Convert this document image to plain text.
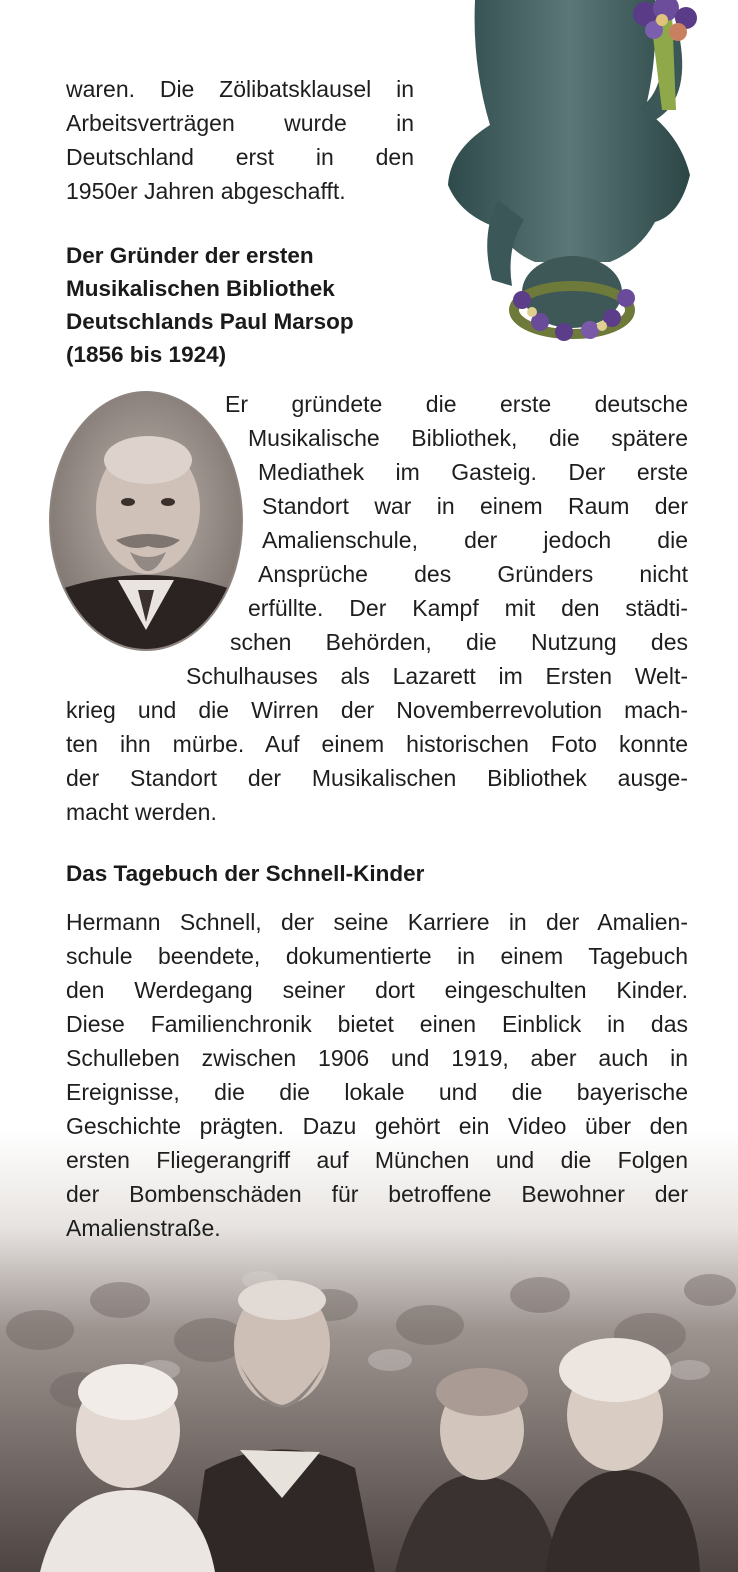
waren. Die Zölibatsklausel in
Arbeitsverträgen wurde in
Deutschland erst in den
1950er Jahren abgeschafft.
Der Gründer der ersten
Musikalischen Bibliothek
Deutschlands Paul Marsop
(1856 bis 1924)
Er gründete die erste deutsche
Musikalische Bibliothek, die spätere
Mediathek im Gasteig. Der erste
Standort war in einem Raum der
Amalienschule, der jedoch die
Ansprüche des Gründers nicht
erfüllte. Der Kampf mit den städti-
schen Behörden, die Nutzung des
Schulhauses als Lazarett im Ersten Welt-
krieg und die Wirren der Novemberrevolution mach-
ten ihn mürbe. Auf einem historischen Foto konnte
der Standort der Musikalischen Bibliothek ausge-
macht werden.
Das Tagebuch der Schnell-Kinder
Hermann Schnell, der seine Karriere in der Amalien-
schule beendete, dokumentierte in einem Tagebuch
den Werdegang seiner dort eingeschulten Kinder.
Diese Familienchronik bietet einen Einblick in das
Schulleben zwischen 1906 und 1919, aber auch in
Ereignisse, die die lokale und die bayerische
Geschichte prägten. Dazu gehört ein Video über den
ersten Fliegerangriff auf München und die Folgen
der Bombenschäden für betroffene Bewohner der
Amalienstraße.
